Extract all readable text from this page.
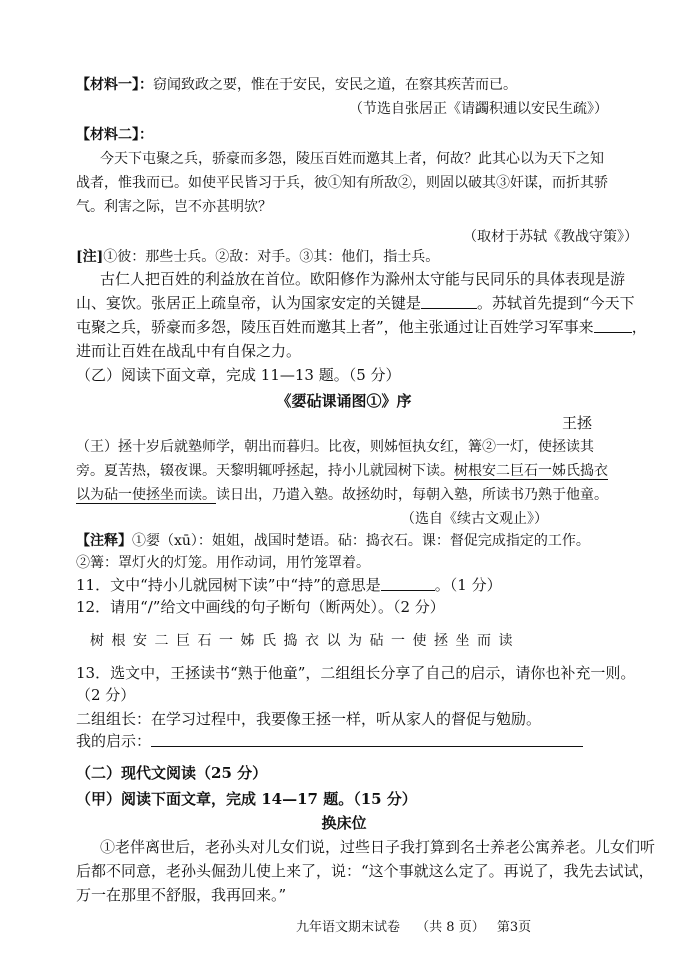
【材料一】：窃闻致政之要，惟在于安民，安民之道，在察其疾苦而已。
（节选自张居正《请蠲积逋以安民生疏》）
【材料二】：
今天下屯聚之兵，骄豪而多怨，陵压百姓而邀其上者，何故？此其心以为天下之知
战者，惟我而已。如使平民皆习于兵，彼①知有所敌②，则固以破其③奸谋，而折其骄
气。利害之际，岂不亦甚明欤？
（取材于苏轼《教战守策》）
[注]①彼：那些士兵。②敌：对手。③其：他们，指士兵。
古仁人把百姓的利益放在首位。欧阳修作为滁州太守能与民同乐的具体表现是游
山、宴饮。张居正上疏皇帝，认为国家安定的关键是	。苏轼首先提到“今天下
屯聚之兵，骄豪而多怨，陵压百姓而邀其上者”，他主张通过让百姓学习军事来	，
进而让百姓在战乱中有自保之力。
（乙）阅读下面文章，完成 11—13 题。（5 分）
《媭砧课诵图①》序
王拯
（王）拯十岁后就塾师学，朝出而暮归。比夜，则姊恒执女红，篝②一灯，使拯读其
旁。夏苦热，辍夜课。天黎明辄呼拯起，持小儿就园树下读。树根安二巨石一姊氏捣衣
以为砧一使拯坐而读。读日出，乃遣入塾。故拯幼时，每朝入塾，所读书乃熟于他童。
（选自《续古文观止》）
【注释】①媭（xū）：姐姐，战国时楚语。砧：捣衣石。课：督促完成指定的工作。
②篝：罩灯火的灯笼。用作动词，用竹笼罩着。
11．文中“持小儿就园树下读”中“持”的意思是	。（1 分）
12．请用“/”给文中画线的句子断句（断两处）。（2 分）
树根安二巨石一姊氏捣衣以为砧一使拯坐而读
13．选文中，王拯读书“熟于他童”，二组组长分享了自己的启示，请你也补充一则。
（2 分）
二组组长：在学习过程中，我要像王拯一样，听从家人的督促与勉励。
我的启示：
（二）现代文阅读（25 分）
（甲）阅读下面文章，完成 14—17 题。（15 分）
换床位
①老伴离世后，老孙头对儿女们说，过些日子我打算到名士养老公寓养老。儿女们听
后都不同意，老孙头倔劲儿使上来了，说：“这个事就这么定了。再说了，我先去试试，
万一在那里不舒服，我再回来。”
九年语文期末试卷 （共 8 页） 第3页
